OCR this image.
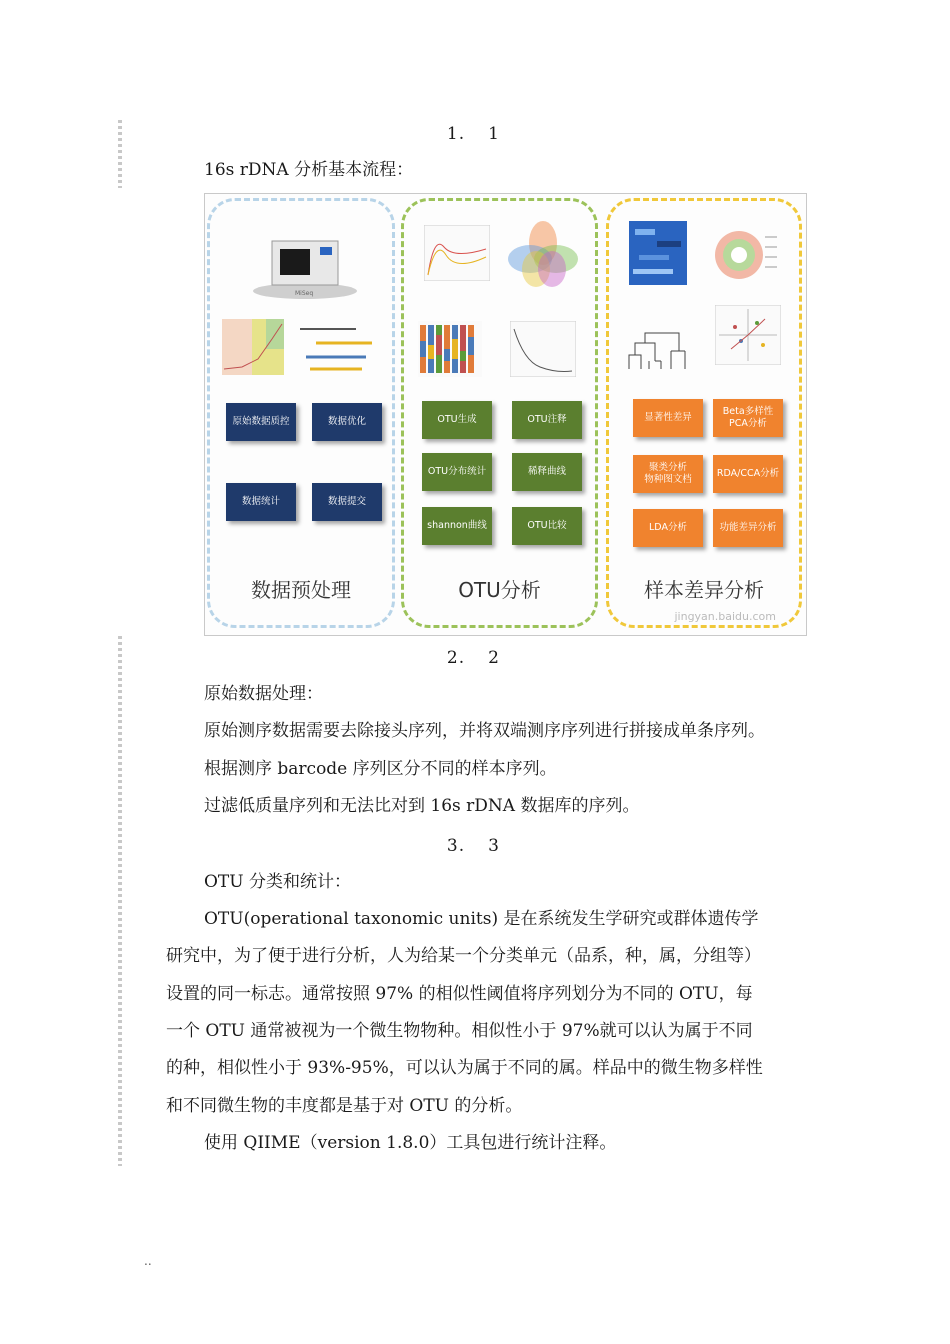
1. 1
16s rDNA 分析基本流程：
MiSeq
原始数据质控	数据优化
数据统计	数据提交
数据预处理
OTU生成	OTU注释
OTU分布统计	稀释曲线
shannon曲线	OTU比较
OTU分析
显著性差异
Beta多样性
PCA分析
聚类分析
物种图文档
RDA/CCA分析
LDA分析	功能差异分析
样本差异分析
jingyan.baidu.com
2. 2
原始数据处理：
原始测序数据需要去除接头序列，并将双端测序序列进行拼接成单条序列。
根据测序 barcode 序列区分不同的样本序列。
过滤低质量序列和无法比对到 16s rDNA 数据库的序列。
3. 3
OTU 分类和统计：
OTU(operational taxonomic units) 是在系统发生学研究或群体遗传学
研究中，为了便于进行分析，人为给某一个分类单元（品系，种，属，分组等）
设置的同一标志。通常按照 97% 的相似性阈值将序列划分为不同的 OTU，每
一个 OTU 通常被视为一个微生物物种。相似性小于 97%就可以认为属于不同
的种，相似性小于 93%-95%，可以认为属于不同的属。样品中的微生物多样性
和不同微生物的丰度都是基于对 OTU 的分析。
使用 QIIME（version 1.8.0）工具包进行统计注释。
..
